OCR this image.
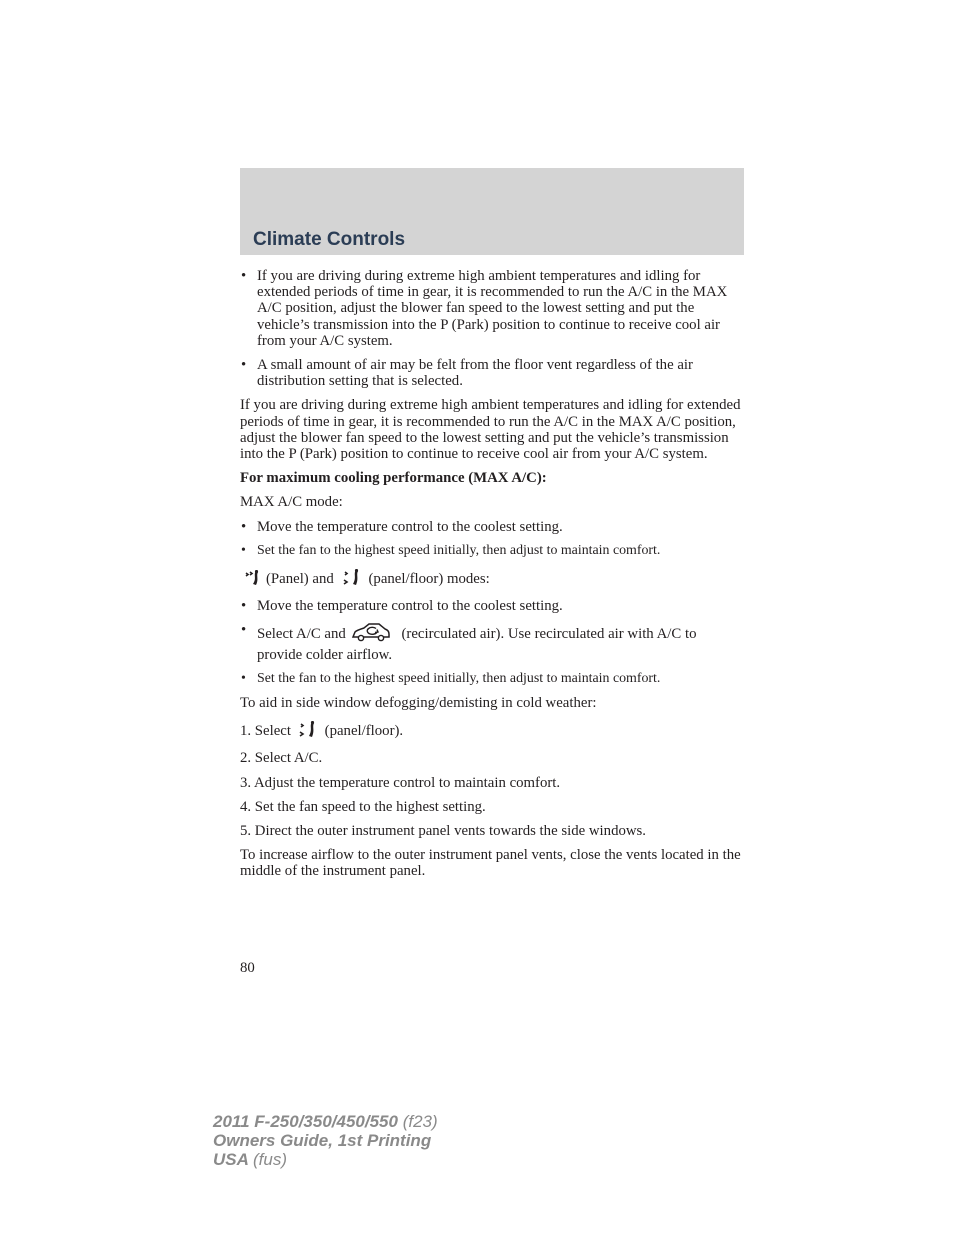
Climate Controls
• If you are driving during extreme high ambient temperatures and idling for extended periods of time in gear, it is recommended to run the A/C in the MAX A/C position, adjust the blower fan speed to the lowest setting and put the vehicle’s transmission into the P (Park) position to continue to receive cool air from your A/C system.
• A small amount of air may be felt from the floor vent regardless of the air distribution setting that is selected.

If you are driving during extreme high ambient temperatures and idling for extended periods of time in gear, it is recommended to run the A/C in the MAX A/C position, adjust the blower fan speed to the lowest setting and put the vehicle’s transmission into the P (Park) position to continue to receive cool air from your A/C system.

For maximum cooling performance (MAX A/C):

MAX A/C mode:

• Move the temperature control to the coolest setting.
• Set the fan to the highest speed initially, then adjust to maintain comfort.

(Panel) and (panel/floor) modes:

• Move the temperature control to the coolest setting.
• Select A/C and	(recirculated air). Use recirculated air with A/C to provide colder airflow.
• Set the fan to the highest speed initially, then adjust to maintain comfort.

To aid in side window defogging/demisting in cold weather:

1. Select (panel/floor).

2. Select A/C.

3. Adjust the temperature control to maintain comfort.

4. Set the fan speed to the highest setting.

5. Direct the outer instrument panel vents towards the side windows.

To increase airflow to the outer instrument panel vents, close the vents located in the middle of the instrument panel.

80
2011 F-250/350/450/550 (f23)
Owners Guide, 1st Printing
USA (fus)
